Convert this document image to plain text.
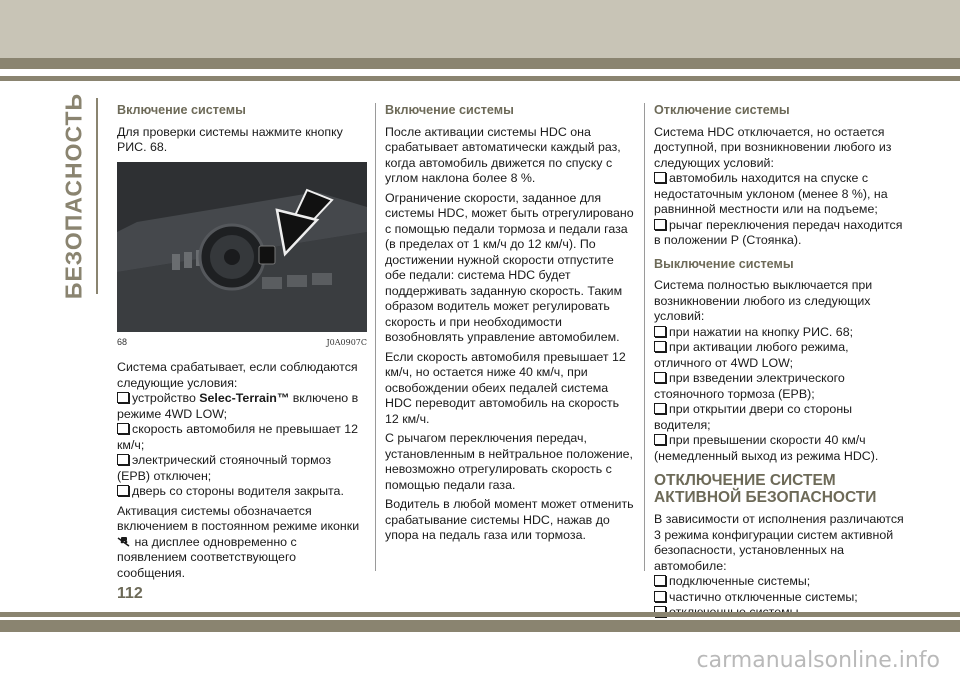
БЕЗОПАСНОСТЬ Включение системы

Для проверки системы нажмите кнопку РИС. 68.

68	J0A0907C

Система срабатывает, если соблюдаются следующие условия:

устройство Selec-Terrain™ включено в режиме 4WD LOW;
скорость автомобиля не превышает 12 км/ч;
электрический стояночный тормоз (EPB) отключен;
дверь со стороны водителя закрыта.

Активация системы обозначается включением в постоянном режиме иконки  на дисплее одновременно с появлением соответствующего сообщения.

Включение системы

После активации системы HDC она срабатывает автоматически каждый раз, когда автомобиль движется по спуску с углом наклона более 8 %.

Ограничение скорости, заданное для системы HDC, может быть отрегулировано с помощью педали тормоза и педали газа (в пределах от 1 км/ч до 12 км/ч). По достижении нужной скорости отпустите обе педали: система HDC будет поддерживать заданную скорость. Таким образом водитель может регулировать скорость и при необходимости возобновлять управление автомобилем.

Если скорость автомобиля превышает 12 км/ч, но остается ниже 40 км/ч, при освобождении обеих педалей система HDC переводит автомобиль на скорость 12 км/ч.

С рычагом переключения передач, установленным в нейтральное положение, невозможно отрегулировать скорость с помощью педали газа.

Водитель в любой момент может отменить срабатывание системы HDC, нажав до упора на педаль газа или тормоза.

Отключение системы

Система HDC отключается, но остается доступной, при возникновении любого из следующих условий:

автомобиль находится на спуске с недостаточным уклоном (менее 8 %), на равнинной местности или на подъеме;
рычаг переключения передач находится в положении P (Стоянка).
Выключение системы

Система полностью выключается при возникновении любого из следующих условий:

при нажатии на кнопку РИС. 68;
при активации любого режима, отличного от 4WD LOW;
при взведении электрического стояночного тормоза (EPB);
при открытии двери со стороны водителя;
при превышении скорости 40 км/ч (немедленный выход из режима HDC).
ОТКЛЮЧЕНИЕ СИСТЕМ АКТИВНОЙ БЕЗОПАСНОСТИ

В зависимости от исполнения различаются 3 режима конфигурации систем активной безопасности, установленных на автомобиле:

подключенные системы;
частично отключенные системы;
112
carmanualsonline.info
